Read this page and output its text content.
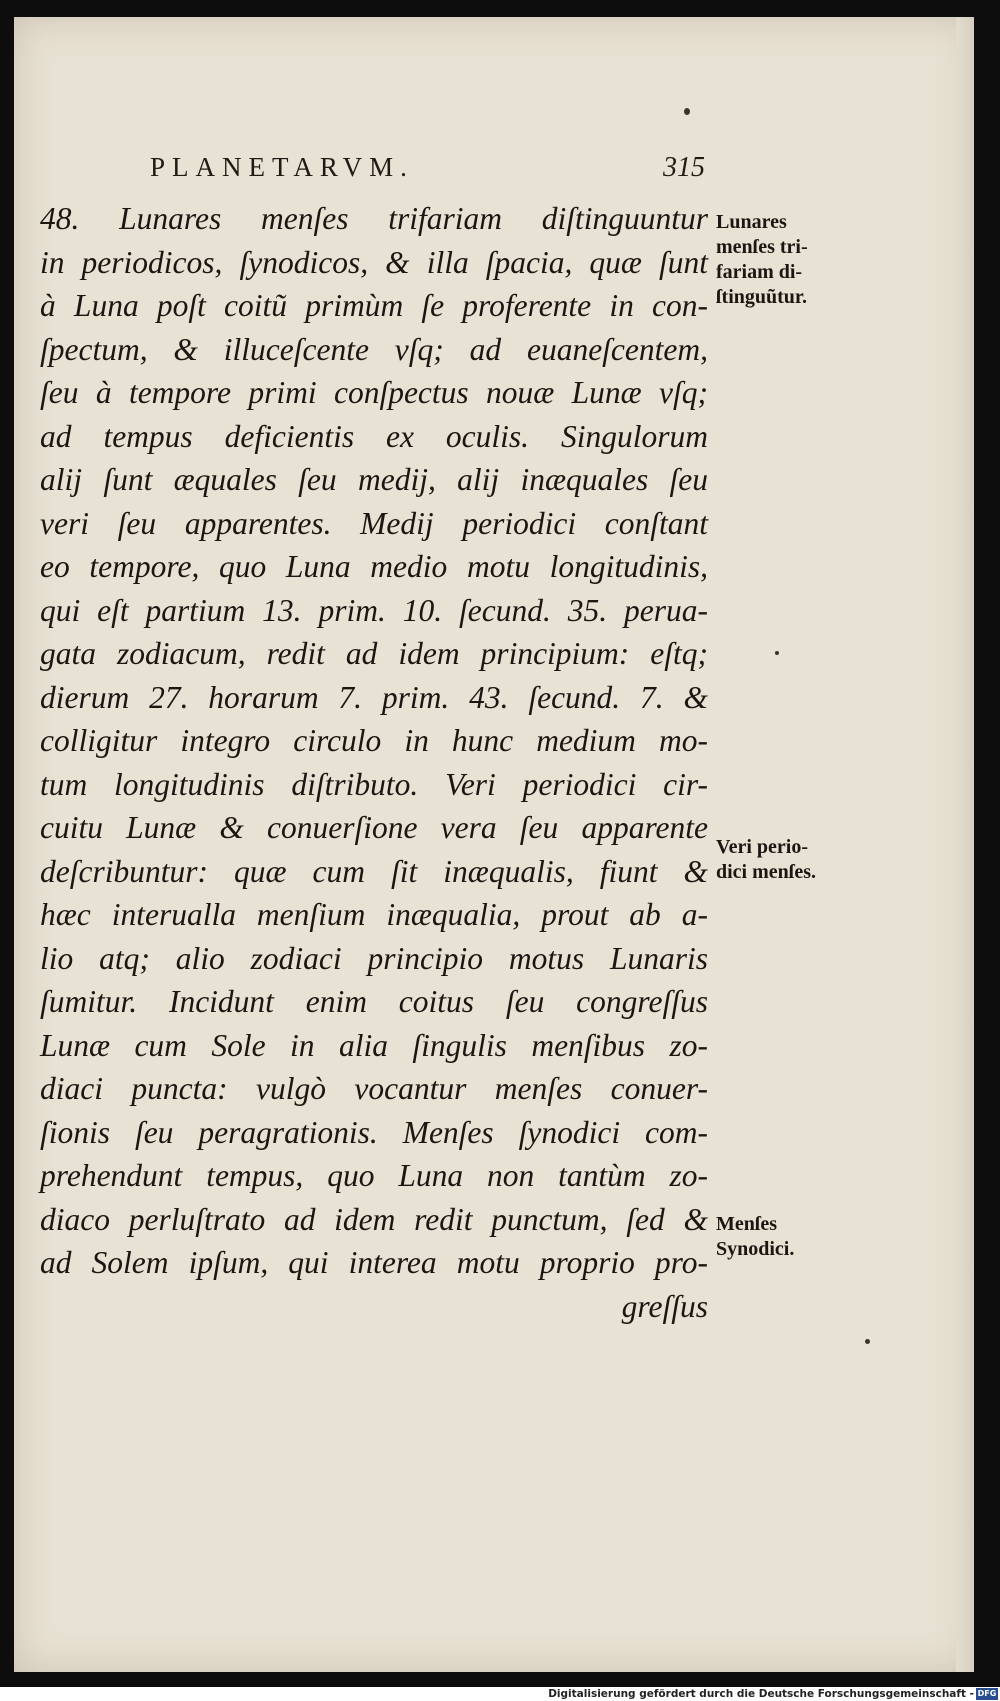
PLANETARVM.	315
48. Lunares menſes trifariam diſtinguuntur
in periodicos, ſynodicos, & illa ſpacia, quæ ſunt
à Luna poſt coitũ primùm ſe proferente in con-
ſpectum, & illuceſcente vſq; ad euaneſcentem,
ſeu à tempore primi conſpectus nouæ Lunæ vſq;
ad tempus deficientis ex oculis. Singulorum
alij ſunt æquales ſeu medij, alij inæquales ſeu
veri ſeu apparentes. Medij periodici conſtant
eo tempore, quo Luna medio motu longitudinis,
qui eſt partium 13. prim. 10. ſecund. 35. perua-
gata zodiacum, redit ad idem principium: eſtq;
dierum 27. horarum 7. prim. 43. ſecund. 7. &
colligitur integro circulo in hunc medium mo-
tum longitudinis diſtributo. Veri periodici cir-
cuitu Lunæ & conuerſione vera ſeu apparente
deſcribuntur: quæ cum ſit inæqualis, fiunt &
hæc interualla menſium inæqualia, prout ab a-
lio atq; alio zodiaci principio motus Lunaris
ſumitur. Incidunt enim coitus ſeu congreſſus
Lunæ cum Sole in alia ſingulis menſibus zo-
diaci puncta: vulgò vocantur menſes conuer-
ſionis ſeu peragrationis. Menſes ſynodici com-
prehendunt tempus, quo Luna non tantùm zo-
diaco perluſtrato ad idem redit punctum, ſed &
ad Solem ipſum, qui interea motu proprio pro-
greſſus
Lunares
menſes tri-
fariam di-
ſtinguũtur.
Veri perio-
dici menſes.
Menſes
Synodici.
Digitalisierung gefördert durch die Deutsche Forschungsgemeinschaft - DFG
